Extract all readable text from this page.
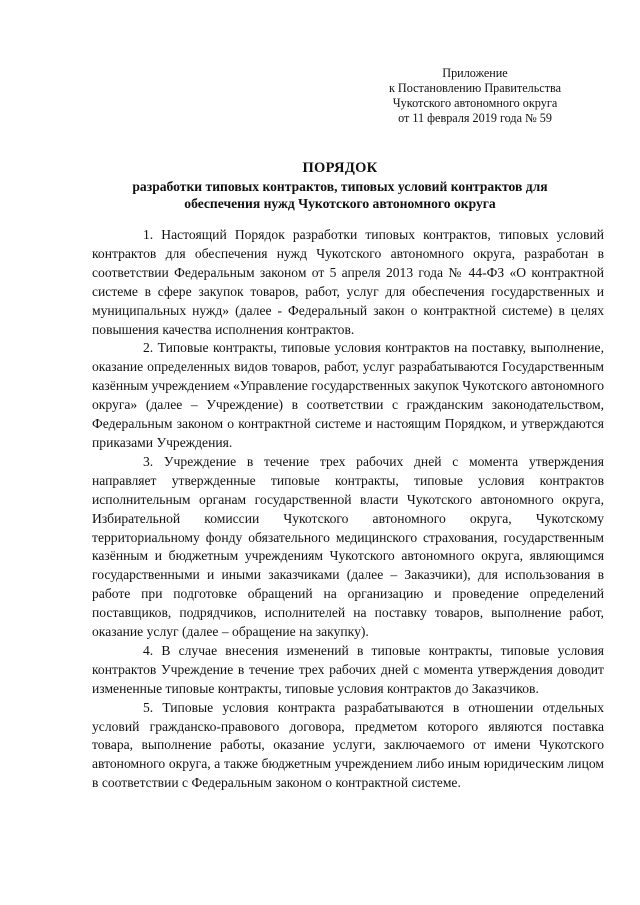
Приложение
к Постановлению Правительства
Чукотского автономного округа
от 11 февраля 2019 года № 59
ПОРЯДОК
разработки типовых контрактов, типовых условий контрактов для
обеспечения нужд Чукотского автономного округа

1. Настоящий Порядок разработки типовых контрактов, типовых условий контрактов для обеспечения нужд Чукотского автономного округа, разработан в соответствии Федеральным законом от 5 апреля 2013 года № 44-ФЗ «О контрактной системе в сфере закупок товаров, работ, услуг для обеспечения государственных и муниципальных нужд» (далее - Федеральный закон о контрактной системе) в целях повышения качества исполнения контрактов.

2. Типовые контракты, типовые условия контрактов на поставку, выполнение, оказание определенных видов товаров, работ, услуг разрабатываются Государственным казённым учреждением «Управление государственных закупок Чукотского автономного округа» (далее – Учреждение) в соответствии с гражданским законодательством, Федеральным законом о контрактной системе и настоящим Порядком, и утверждаются приказами Учреждения.

3. Учреждение в течение трех рабочих дней с момента утверждения направляет утвержденные типовые контракты, типовые условия контрактов исполнительным органам государственной власти Чукотского автономного округа, Избирательной комиссии Чукотского автономного округа, Чукотскому территориальному фонду обязательного медицинского страхования, государственным казённым и бюджетным учреждениям Чукотского автономного округа, являющимся государственными и иными заказчиками (далее – Заказчики), для использования в работе при подготовке обращений на организацию и проведение определений поставщиков, подрядчиков, исполнителей на поставку товаров, выполнение работ, оказание услуг (далее – обращение на закупку).

4. В случае внесения изменений в типовые контракты, типовые условия контрактов Учреждение в течение трех рабочих дней с момента утверждения доводит измененные типовые контракты, типовые условия контрактов до Заказчиков.

5. Типовые условия контракта разрабатываются в отношении отдельных условий гражданско-правового договора, предметом которого являются поставка товара, выполнение работы, оказание услуги, заключаемого от имени Чукотского автономного округа, а также бюджетным учреждением либо иным юридическим лицом в соответствии с Федеральным законом о контрактной системе.
